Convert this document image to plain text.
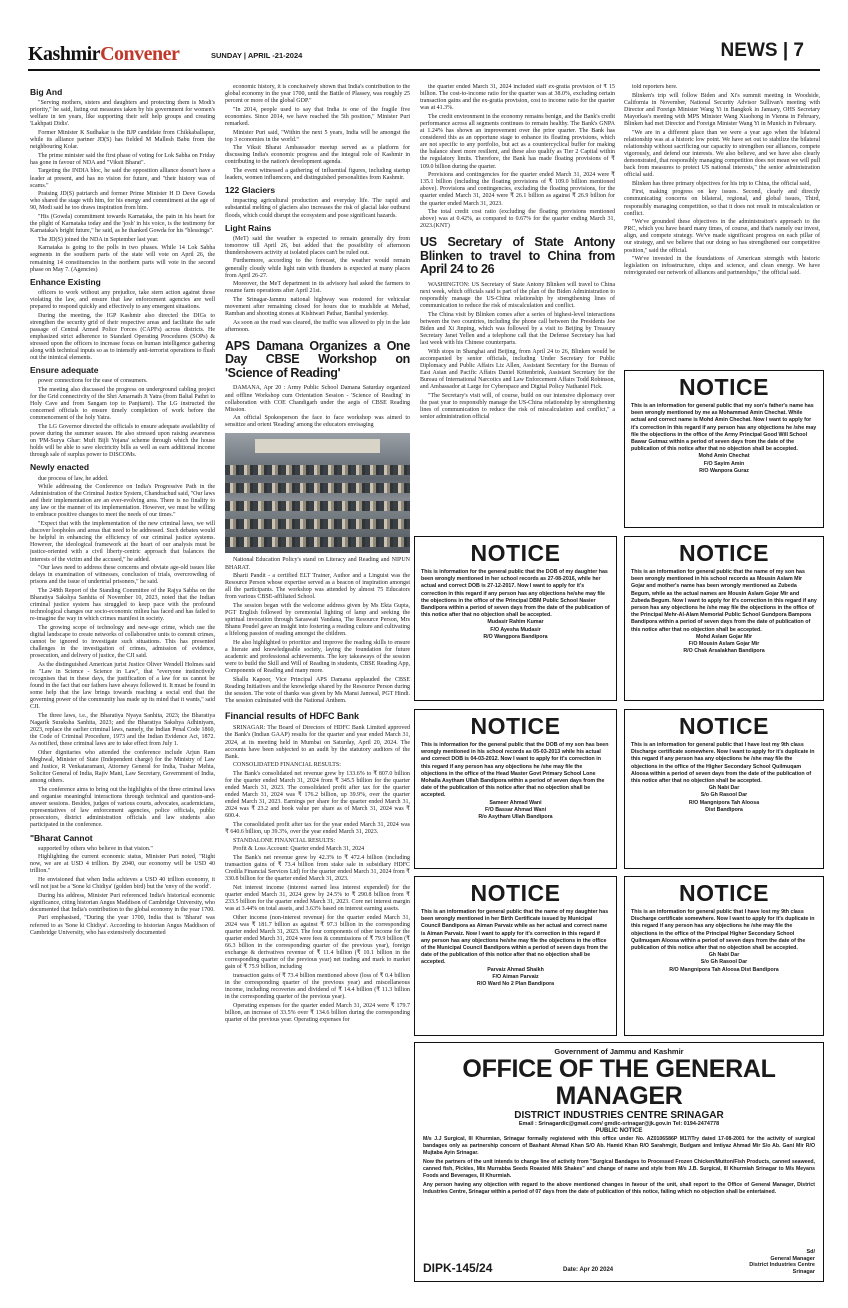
KashmirConvener	SUNDAY | APRIL -21-2024	NEWS | 7
Big And

"Serving mothers, sisters and daughters and protecting them is Modi's priority," he said, listing out measures taken by his government for women's welfare in ten years, like supporting their self help groups and creating 'Lakhpati Didis'.

Former Minister K Sudhakar is the BJP candidate from Chikkaballapur, while its alliance partner JD(S) has fielded M Mallesh Babu from the neighbouring Kolar.

The prime minister said the first phase of voting for Lok Sabha on Friday has gone in favour of NDA and "Viksit Bharat".

Targeting the INDIA bloc, he said the opposition alliance doesn't have a leader at present, and has no vision for future, and "their history was of scams."

Praising JD(S) patriarch and former Prime Minister H D Deve Gowda who shared the stage with him, for his energy and commitment at the age of 90, Modi said he too draws inspiration from him.

"His (Gowda) commitment towards Karnataka, the pain in his heart for the plight of Karnataka today and the 'josh' in his voice, is the testimony for Karnataka's bright future," he said, as he thanked Gowda for his "blessings".

The JD(S) joined the NDA in September last year.

Karnataka is going to the polls in two phases. While 14 Lok Sabha segments in the southern parts of the state will vote on April 26, the remaining 14 constituencies in the northern parts will vote in the second phase on May 7. (Agencies)

Enhance Existing

officers to work without any prejudice, take stern action against those violating the law, and ensure that law enforcement agencies are well prepared to respond quickly and effectively to any emergent situations.

During the meeting, the IGP Kashmir also directed the DIGs to strengthen the security grid of their respective areas and facilitate the safe passage of Central Armed Police Forces (CAPFs) across districts. He emphasized strict adherence to Standard Operating Procedures (SOPs) & stressed upon the officers to increase focus on human intelligence gathering along with technical inputs so as to intensify anti-terrorist operations to flush out the inimical elements.

Ensure adequate

power connections for the ease of consumers.

The meeting also discussed the progress on underground cabling project for the Grid connectivity of the Shri Amarnath Ji Yatra (from Baltal Pathri to Holy Cave and from Sangam top to Panjtarni). The LG instructed the concerned officials to ensure timely completion of work before the commencement of the holy Yatra.

The LG Governor directed the officials to ensure adequate availability of power during the summer season. He also stressed upon raising awareness on 'PM-Surya Ghar: Muft Bijli Yojana' scheme through which the house holds will be able to save electricity bills as well as earn additional income through sale of surplus power to DISCOMs.

Newly enacted

due process of law, he added.

While addressing the Conference on India's Progressive Path in the Administration of the Criminal Justice System, Chandrachud said, "Our laws and their implementation are an ever-evolving area. There is no finality to any law or the manner of its implementation. However, we must be willing to embrace positive changes to meet the needs of our times."

"Expect that with the implementation of the new criminal laws, we will discover loopholes and areas that need to be addressed. Such debates would be helpful in enhancing the efficiency of our criminal justice systems. However, the ideological framework at the heart of our analysis must be justice-oriented with a civil liberty-centric approach that balances the interests of the victim and the accused," he added.

"Our laws need to address these concerns and obviate age-old issues like delays in examination of witnesses, conclusion of trials, overcrowding of prisons and the issue of undertrial prisoners," he said.

The 248th Report of the Standing Committee of the Rajya Sabha on the Bharatiya Sakshya Sanhita of November 10, 2023, noted that the Indian criminal justice system has struggled to keep pace with the profound technological changes our socio-economic milieu has faced and has failed to re-imagine the way in which crimes manifest in society.

The growing scope of technology and new-age crime, which use the digital landscape to create networks of collaborative units to commit crimes, cannot be ignored to investigate such situations. This has presented challenges in the investigation of crimes, admission of evidence, prosecution, and delivery of justice, the CJI said.

As the distinguished American jurist Justice Oliver Wendell Holmes said in "Law in Science - Science in Law", that "everyone instinctively recognises that in these days, the justification of a law for us cannot be found in the fact that our fathers have always followed it. It must be found in some help that the law brings towards reaching a social end that the governing power of the community has made up its mind that it wants," said CJI.

The three laws, i.e., the Bharatiya Nyaya Sanhita, 2023; the Bharatiya Nagarik Suraksha Sanhita, 2023; and the Bharatiya Sakshya Adhiniyam, 2023, replace the earlier criminal laws, namely, the Indian Penal Code 1860, the Code of Criminal Procedure, 1973 and the Indian Evidence Act, 1872. As notified, these criminal laws are to take effect from July 1.

Other dignitaries who attended the conference include Arjun Ram Meghwal, Minister of State (Independent charge) for the Ministry of Law and Justice, R Venkataramani, Attorney General for India, Tushar Mehta, Solicitor General of India, Rajiv Mani, Law Secretary, Government of India, among others.

The conference aims to bring out the highlights of the three criminal laws and organise meaningful interactions through technical and question-and-answer sessions. Besides, judges of various courts, advocates, academicians, representatives of law enforcement agencies, police officials, public prosecutors, district administration officials and law students also participated in the conference.

"Bharat Cannot

supported by others who believe in that vision."

Highlighting the current economic status, Minister Puri noted, "Right now, we are at USD 4 trillion. By 2040, our economy will be USD 40 trillion."

He envisioned that when India achieves a USD 40 trillion economy, it will not just be a 'Sone ki Chidiya' (golden bird) but the 'envy of the world'.

During his address, Minister Puri referenced India's historical economic significance, citing historian Angus Maddison of Cambridge University, who documented that India's contribution to the global economy in the year 1700.

Puri emphasised, "During the year 1700, India that is 'Bharat' was referred to as 'Sone ki Chidiya'. According to historian Angus Maddison of Cambridge University, who has extensively documented

economic history, it is conclusively shown that India's contribution to the global economy in the year 1700, until the Battle of Plassey, was roughly 25 percent or more of the global GDP."

"In 2014, people used to say that India is one of the fragile five economies. Since 2014, we have reached the 5th position," Minister Puri remarked.

Minister Puri said, "Within the next 5 years, India will be amongst the top 3 economies in the world."

The Viksit Bharat Ambassador meetup served as a platform for discussing India's economic progress and the integral role of Kashmir in contributing to the nation's development agenda.

The event witnessed a gathering of influential figures, including startup leaders, women influencers, and distinguished personalities from Kashmir.

122 Glaciers

impacting agricultural production and everyday life. The rapid and substantial melting of glaciers also increases the risk of glacial lake outburst floods, which could disrupt the ecosystem and pose significant hazards.

Light Rains

(MeT) said the weather is expected to remain generally dry from tomorrow till April 26, but added that the possibility of afternoon thundershowers activity at isolated places can't be ruled out.

Furthermore, according to the forecast, the weather would remain generally cloudy while light rain with thunders is expected at many places from April 26-27.

Moreover, the MeT department in its advisory had asked the farmers to resume farm operations after April 21st.

The Srinagar-Jammu national highway was restored for vehicular movement after remaining closed for hours due to mudslide at Mehad, Ramban and shooting stones at Kishtwari Pathar, Banihal yesterday.

As soon as the road was cleared, the traffic was allowed to ply in the late afternoon.

APS Damana Organizes a One Day CBSE Workshop on 'Science of Reading'

DAMANA, Apr 20 : Army Public School Damana Saturday organized and offline Workshop cum Orientation Session - 'Science of Reading' in collaboration with COE Chandigarh under the aegis of CBSE Reading Mission.

An official Spokesperson the face to face workshop was aimed to sensitize and orient 'Reading' among the educators envisaging

National Education Policy's stand on Literacy and Reading and NIPUN BHARAT.

Bharti Pandit - a certified ELT Trainer, Author and a Linguist was the Resource Person whose expertise served as a beacon of inspiration amongst all the participants. The workshop was attended by almost 75 Educators from various CBSE-affiliated School.

The session began with the welcome address given by Ms Ekta Gupta, PGT English followed by ceremonial lighting of lamp and seeking the spiritual invocation through Saraswati Vandana, The Resource Person, Mrs Bhanu Poudel gave an insight into fostering a reading culture and cultivating a lifelong passion of reading amongst the children.

He also highlighted to prioritize and improve the reading skills to ensure a literate and knowledgeable society, laying the foundation for future academic and professional achievements. The key takeaways of the session were to build the Skill and Will of Reading in students, CBSE Reading App, Components of Reading and many more.

Shallu Kapoor, Vice Principal APS Damana applauded the CBSE Reading Initiatives and the knowledge shared by the Resource Person during the session. The vote of thanks was given by Ms Mansi Jamwal, PGT Hindi. The session culminated with the National Anthem.

Financial results of HDFC Bank

SRINAGAR: The Board of Directors of HDFC Bank Limited approved the Bank's (Indian GAAP) results for the quarter and year ended March 31, 2024, at its meeting held in Mumbai on Saturday, April 20, 2024. The accounts have been subjected to an audit by the statutory auditors of the Bank.

CONSOLIDATED FINANCIAL RESULTS:

The Bank's consolidated net revenue grew by 133.6% to ₹ 807.0 billion for the quarter ended March 31, 2024 from ₹ 345.5 billion for the quarter ended March 31, 2023. The consolidated profit after tax for the quarter ended March 31, 2024 was ₹ 176.2 billion, up 39.9%, over the quarter ended March 31, 2023. Earnings per share for the quarter ended March 31, 2024 was ₹ 23.2 and book value per share as of March 31, 2024 was ₹ 600.4.

The consolidated profit after tax for the year ended March 31, 2024 was ₹ 640.6 billion, up 39.3%, over the year ended March 31, 2023.

STANDALONE FINANCIAL RESULTS:

Profit & Loss Account: Quarter ended March 31, 2024

The Bank's net revenue grew by 42.3% to ₹ 472.4 billion (including transaction gains of ₹ 73.4 billion from stake sale in subsidiary HDFC Credila Financial Services Ltd) for the quarter ended March 31, 2024 from ₹ 330.8 billion for the quarter ended March 31, 2023.

Net interest income (interest earned less interest expended) for the quarter ended March 31, 2024 grew by 24.5% to ₹ 290.8 billion from ₹ 233.5 billion for the quarter ended March 31, 2023. Core net interest margin was at 3.44% on total assets, and 3.63% based on interest earning assets.

Other income (non-interest revenue) for the quarter ended March 31, 2024 was ₹ 181.7 billion as against ₹ 97.3 billion in the corresponding quarter ended March 31, 2023. The four components of other income for the quarter ended March 31, 2024 were fees & commissions of ₹ 79.9 billion (₹ 66.3 billion in the corresponding quarter of the previous year), foreign exchange & derivatives revenue of ₹ 11.4 billion (₹ 10.1 billion in the corresponding quarter of the previous year) net trading and mark to market gain of ₹ 75.9 billion, including

transaction gains of ₹ 73.4 billion mentioned above (loss of ₹ 0.4 billion in the corresponding quarter of the previous year) and miscellaneous income, including recoveries and dividend of ₹ 14.4 billion (₹ 11.3 billion in the corresponding quarter of the previous year).

Operating expenses for the quarter ended March 31, 2024 were ₹ 179.7 billion, an increase of 33.5% over ₹ 134.6 billion during the corresponding quarter of the previous year. Operating expenses for

the quarter ended March 31, 2024 included staff ex-gratia provision of ₹ 15 billion. The cost-to-income ratio for the quarter was at 38.0%, excluding certain transaction gains and the ex-gratia provision, cost to income ratio for the quarter was at 41.3%.

The credit environment in the economy remains benign, and the Bank's credit performance across all segments continues to remain healthy. The Bank's GNPA at 1.24% has shown an improvement over the prior quarter. The Bank has considered this as an opportune stage to enhance its floating provisions, which are not specific to any portfolio, but act as a countercyclical buffer for making the balance sheet more resilient, and these also qualify as Tier 2 Capital within the regulatory limits. Therefore, the Bank has made floating provisions of ₹ 109.0 billion during the quarter.

Provisions and contingencies for the quarter ended March 31, 2024 were ₹ 135.1 billion (including the floating provisions of ₹ 109.0 billion mentioned above). Provisions and contingencies, excluding the floating provisions, for the quarter ended March 31, 2024 were ₹ 26.1 billion as against ₹ 26.9 billion for the quarter ended March 31, 2023.

The total credit cost ratio (excluding the floating provisions mentioned above) was at 0.42%, as compared to 0.67% for the quarter ending March 31, 2023.(KNT)

US Secretary of State Antony Blinken to travel to China from April 24 to 26

WASHINGTON: US Secretary of State Antony Blinken will travel to China next week, which officials said is part of the plan of the Biden Administration to responsibly manage the US-China relationship by strengthening lines of communication to reduce the risk of miscalculation and conflict.

The China visit by Blinken comes after a series of highest-level interactions between the two countries, including the phone call between the Presidents Joe Biden and Xi Jinping, which was followed by a visit to Beijing by Treasury Secretary Janet Yellen and a telephone call that the Defense Secretary has had last week with his Chinese counterparts.

With stops in Shanghai and Beijing, from April 24 to 26, Blinken would be accompanied by senior officials, including Under Secretary for Public Diplomacy and Public Affairs Liz Allen, Assistant Secretary for the Bureau of East Asian and Pacific Affairs Daniel Kritenbrink, Assistant Secretary for the Bureau of International Narcotics and Law Enforcement Affairs Todd Robinson, and Ambassador at Large for Cyberspace and Digital Policy Nathaniel Fick.

"The Secretary's visit will, of course, build on our intensive diplomacy over the past year to responsibly manage the US-China relationship by strengthening lines of communication to reduce the risk of miscalculation and conflict," a senior administration official

told reporters here.

Blinken's trip will follow Biden and Xi's summit meeting in Woodside, California in November, National Security Advisor Sullivan's meeting with Director and Foreign Minister Wang Yi in Bangkok in January, OHS Secretary Mayorkas's meeting with MPS Minister Wang Xiaohong in Vienna in February, Blinken had met Director and Foreign Minister Wang Yi in Munich in February.

"We are in a different place than we were a year ago when the bilateral relationship was at a historic low point. We have set out to stabilize the bilateral relationship without sacrificing our capacity to strengthen our alliances, compete vigorously, and defend our interests. We also believe, and we have also clearly demonstrated, that responsibly managing competition does not mean we will pull back from measures to protect US national interests," the senior administration official said.

Blinken has three primary objectives for his trip to China, the official said,

First, making progress on key issues. Second, clearly and directly communicating concerns on bilateral, regional, and global issues, Third, responsibly managing competition, so that it does not result in miscalculation or conflict.

"We've grounded these objectives in the administration's approach to the PRC, which you have heard many times, of course, and that's namely our invest, align, and compete strategy. We've made significant progress on each pillar of our strategy, and we believe that our doing so has strengthened our competitive position," said the official.

"We've invested in the foundations of American strength with historic legislation on infrastructure, chips and science, and clean energy. We have reinvigorated our network of alliances and partnerships," the official said.

NOTICE
This is an information for general public that my son's father's name has been wrongly mentioned by me as Mohammad Amin Chechat. While actual and correct name is Mohd Amin Chechat. Now I want to apply for it's correction in this regard if any person has any objections he /she may file the objections in the office of the Army Principal Good Will School Bawar Gutmaz within a period of seven days from the date of the publication of this notice after that no objection shall be accepted.
Mohd Amin Chechat
F/O Sayim Amin
R/O Wanpora Guraz
NOTICE
This is information for the general public that the DOB of my daughter has been wrongly mentioned in her school records as 27-08-2016, while her actual and correct DOB is 27-12-2017. Now I want to apply for it's correction in this regard if any person has any objections he/she may file the objections in the office of the Principal DBM Public School Nasier Bandipora within a period of seven days from the date of the publication of this notice after that no objection shall be accepted.
Mudasir Rahim Kumar
F/O Ayesha Mudasir
R/O Wangpora Bandipora
NOTICE
This is an information for general public that the name of my son has been wrongly mentioned in his school records as Mousin Aslam Mir Gojar and mother's name has been wrongly mentioned as Zubeda Begum, while as the actual names are Mousin Aslam Gojar Mir and Zubeda Begum. Now I want to apply for it's correction in this regard if any person has any objections he /she may file the objections in the office of the Principal Mehr-Al-Alam Memorial Public School Gundpora Bampora Bandipora within a period of seven days from the date of publication of this notice after that no objection shall be accepted.
Mohd Aslam Gojar Mir
F/O Mousin Aslam Gojar Mir
R/O Chak Arsalakhan Bandipora
NOTICE
This is information for the general public that the DOB of my son has been wrongly mentioned in his school records as 05-03-2013 while his actual and correct DOB is 04-03-2012. Now I want to apply for it's correction in this regard if any person has any objections he /she may file the objections in the office of the Head Master Govt Primary School Lone Mohalla Asytham Ullah Bandipora within a period of seven days from the date of the publication of this notice after that no objection shall be accepted.
Sameer Ahmad Wani
F/O Bassar Ahmad Wani
R/o Asytham Ullah Bandipora
NOTICE
This is an information for general public that I have lost my 9th class Discharge certificate somewhere. Now I want to apply for it's duplicate in this regard if any person has any objections he /she may file the objections in the office of the Higher Secondary School Quilmuqam Aloosa within a period of seven days from the date of the publication of this notice after that no objection shall be accepted.
Gh Nabi Dar
S/o Gh Rasool Dar
R/O Mangnipora Tah Aloosa
Dist Bandipora
NOTICE
This is an information for general public that the name of my daughter has been wrongly mentioned in her Birth Certificate issued by Municipal Council Bandipora as Aiman Parvaiz while as her actual and correct name is Aiman Parvaiz. Now I want to apply for it's correction in this regard if any person has any objections he/she may file the objections in the office of the Municipal Council Bandipora within a period of seven days from the date of the publication of this notice after that no objection shall be accepted.
Parvaiz Ahmad Shaikh
F/O Aiman Parvaiz
R/O Ward No 2 Plan Bandipora
NOTICE
This is an information for general public that I have lost my 9th class Discharge certificate somewhere. Now I want to apply for it's duplicate in this regard if any person has any objections he /she may file the objections in the office of the Principal Higher Secondary School Quilmuqam Aloosa within a period of seven days from the date of the publication of this notice after that no objection shall be accepted.
Gh Nabi Dar
S/o Gh Rasool Dar
R/O Mangnipora Tah Aloosa Dist Bandipora
Government of Jammu and Kashmir
OFFICE OF THE GENERAL MANAGER
DISTRICT INDUSTRIES CENTRE SRINAGAR
Email : Srinagardic@gmail.com/ gmdic-srinagar@jk.gov.in Tel: 0194-2474778
PUBLIC NOTICE
M/s J.J Surgical, Ill Khurmian, Srinagar formally registered with this office under No. AZ0106586P M17/Try dated 17-08-2001 for the activity of surgical bandages only as partnership concern of Bashant Ahmad Khan S/O Ab. Hamid Khan R/O Sarahmgir, Budgam and Imtiyaz Ahmad Mir S/o Ab. Gani Mir R/O Mujtaba Ayin Srinagar.
Now the partners of the unit intends to change line of activity from "Surgical Bandages to Processed Frozen Chicken/Mutton/Fish Products, canned seaweed, canned fish, Pickles, Mix Murrabba Seeds Roasted Milk Shakes" and change of name and style from M/s J.B. Surgical, Ill Khurmiah Srinagar to M/s Meyans Foods and Beverages, Ill Khurmiah.
Any person having any objection with regard to the above mentioned changes in favour of the unit, shall report to the Office of General Manager, District Industries Centre, Srinagar within a period of 07 days from the date of publication of this notice, failing which no objection shall be entertained.
DIPK-145/24	Date: Apr 20 2024
Sd/
General Manager
District Industries Centre
Srinagar
